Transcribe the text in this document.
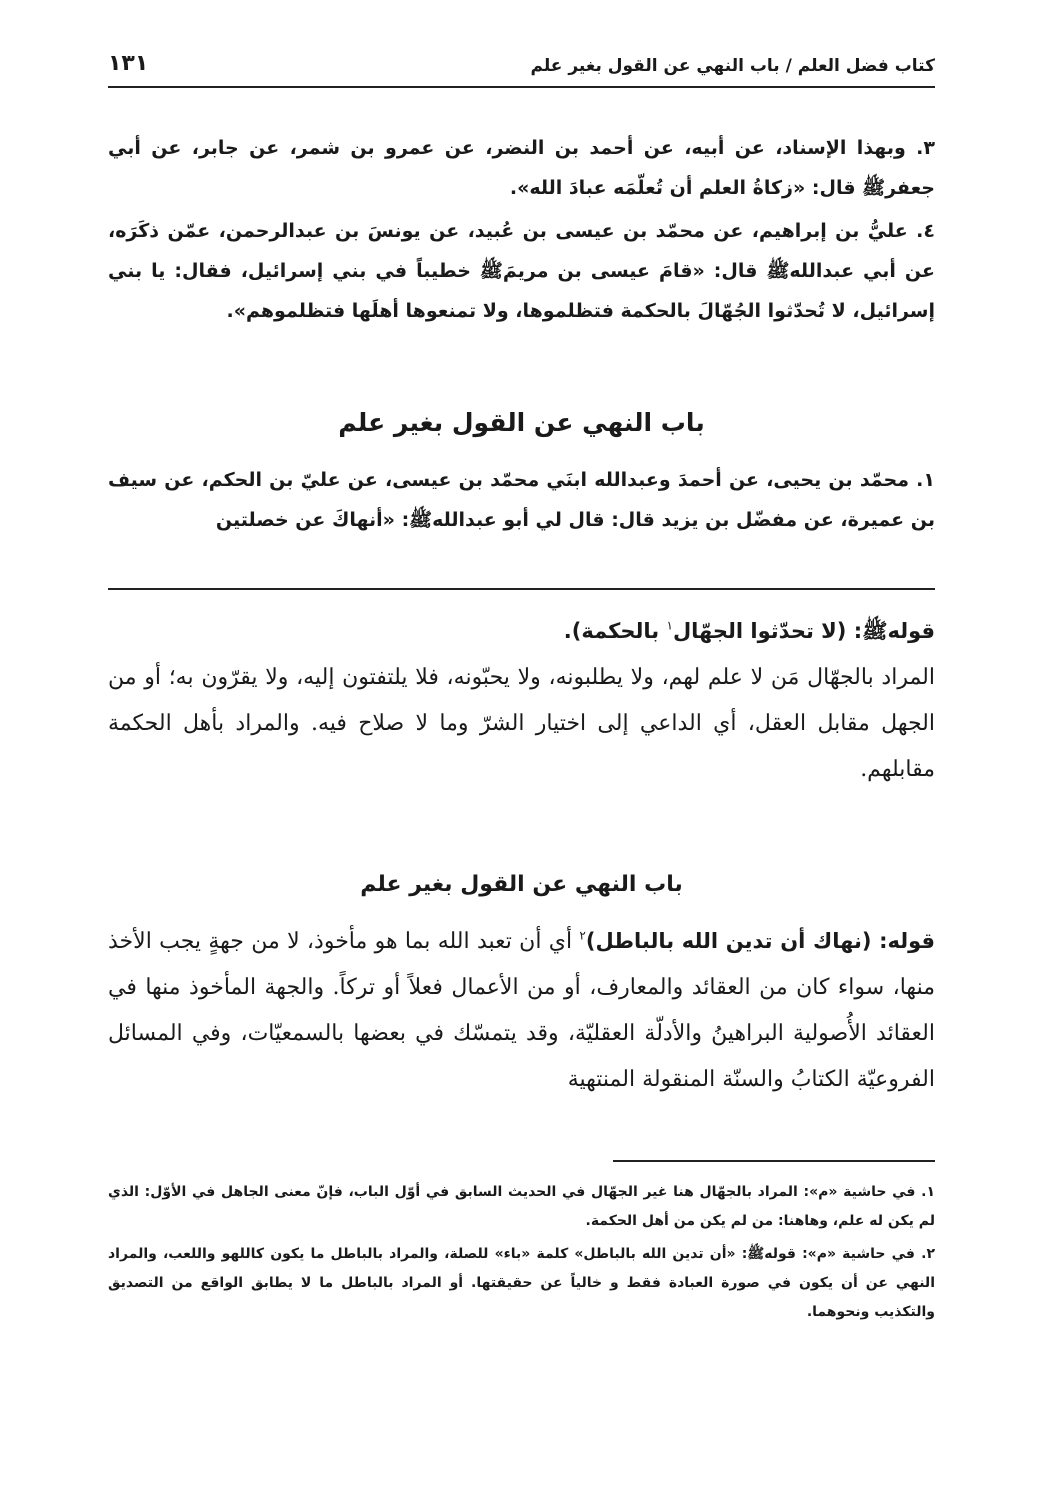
كتاب فضل العلم / باب النهي عن القول بغير علم
١٣١

٣. وبهذا الإسناد، عن أبيه، عن أحمد بن النضر، عن عمرو بن شمر، عن جابر، عن أبي جعفرﷺ قال: «زكاةُ العلم أن تُعلّمَه عبادَ الله».

٤. عليُّ بن إبراهيم، عن محمّد بن عيسى بن عُبيد، عن يونسَ بن عبدالرحمن، عمّن ذكَرَه، عن أبي عبداللهﷺ قال: «قامَ عيسى بن مريمَﷺ خطيباً في بني إسرائيل، فقال: يا بني إسرائيل، لا تُحدّثوا الجُهّالَ بالحكمة فتظلموها، ولا تمنعوها أهلَها فتظلموهم».

باب النهي عن القول بغير علم

١. محمّد بن يحيى، عن أحمدَ وعبدالله ابنَي محمّد بن عيسى، عن عليّ بن الحكم، عن سيف بن عميرة، عن مفضّل بن يزيد قال: قال لي أبو عبداللهﷺ: «أنهاكَ عن خصلتين

قولهﷺ: (لا تحدّثوا الجهّال$^١$ بالحكمة).

المراد بالجهّال مَن لا علم لهم، ولا يطلبونه، ولا يحبّونه، فلا يلتفتون إليه، ولا يقرّون به؛ أو من الجهل مقابل العقل، أي الداعي إلى اختيار الشرّ وما لا صلاح فيه. والمراد بأهل الحكمة مقابلهم.

باب النهي عن القول بغير علم

قوله: (نهاك أن تدين الله بالباطل)$^٢$ أي أن تعبد الله بما هو مأخوذ، لا من جهةٍ يجب الأخذ منها، سواء كان من العقائد والمعارف، أو من الأعمال فعلاً أو تركاً. والجهة المأخوذ منها في العقائد الأُصولية البراهينُ والأدلّة العقليّة، وقد يتمسّك في بعضها بالسمعيّات، وفي المسائل الفروعيّة الكتابُ والسنّة المنقولة المنتهية

١. في حاشية «م»: المراد بالجهّال هنا غير الجهّال في الحديث السابق في أوّل الباب، فإنّ معنى الجاهل في الأوّل: الذي لم يكن له علم، وهاهنا: من لم يكن من أهل الحكمة.

٢. في حاشية «م»: قولهﷺ: «أن تدين الله بالباطل» كلمة «باء» للصلة، والمراد بالباطل ما يكون كاللهو واللعب، والمراد النهي عن أن يكون في صورة العبادة فقط و خالياً عن حقيقتها. أو المراد بالباطل ما لا يطابق الواقع من التصديق والتكذيب ونحوهما.
